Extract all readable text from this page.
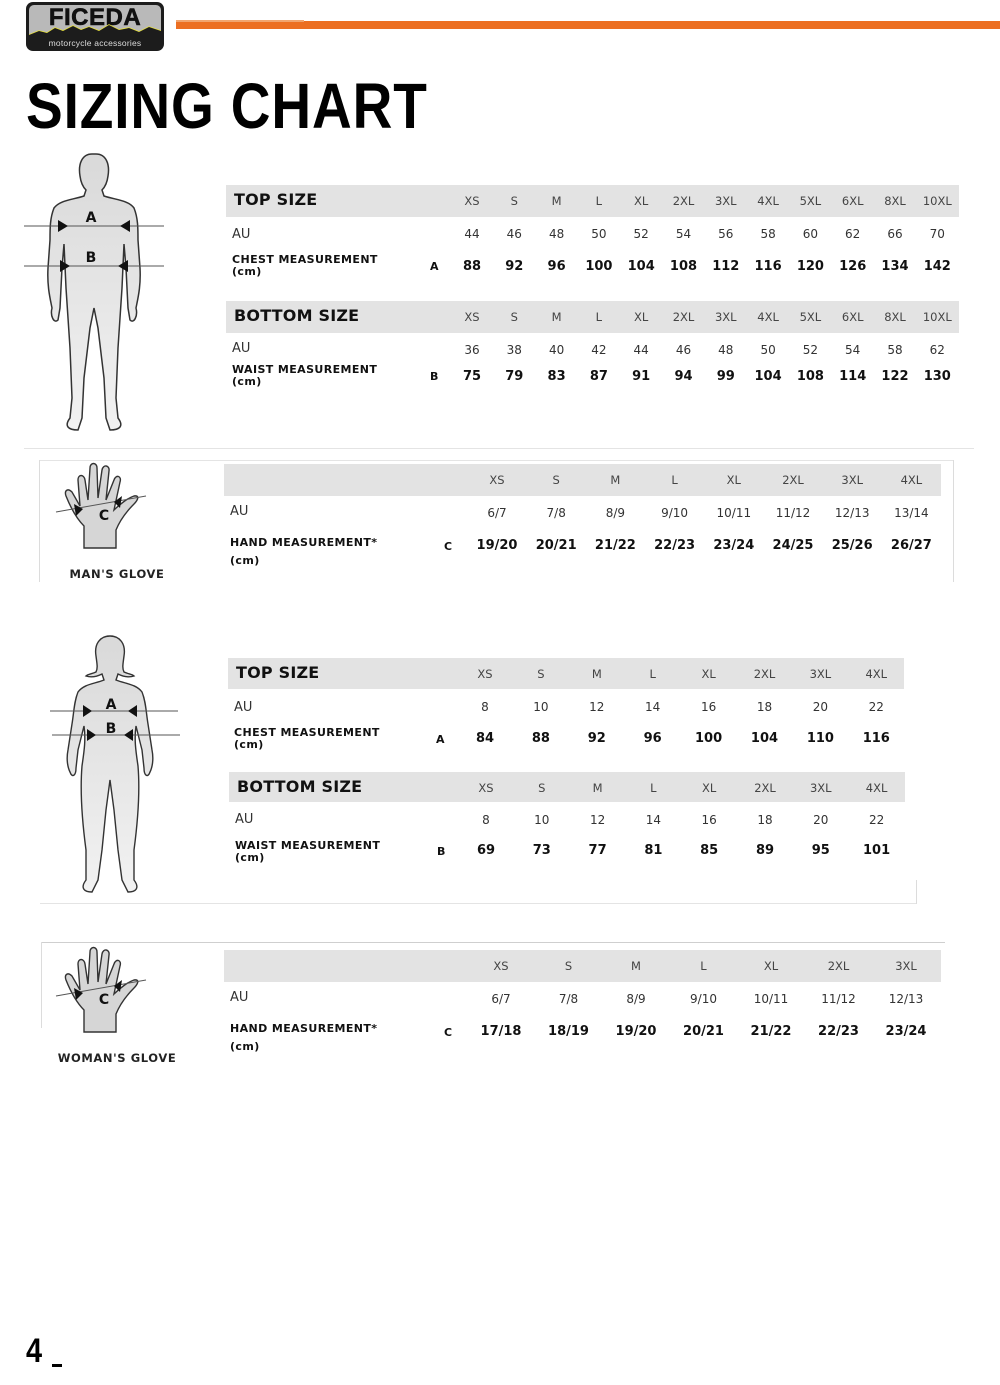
FICEDA
motorcycle accessories
SIZING CHART
A
B
TOP SIZE	XS	S	M	L	XL	2XL	3XL	4XL	5XL	6XL	8XL	10XL
AU
CHEST MEASUREMENT
(cm)	A
44	46	48	50	52	54	56	58	60	62	66	70
88	92	96	100	104	108	112	116	120	126	134	142
BOTTOM SIZE	XS	S	M	L	XL	2XL	3XL	4XL	5XL	6XL	8XL	10XL
AU
WAIST MEASUREMENT
(cm)	B
36	38	40	42	44	46	48	50	52	54	58	62
75	79	83	87	91	94	99	104	108	114	122	130
C
MAN'S GLOVE
XS	S	M	L	XL	2XL	3XL	4XL
AU
HAND MEASUREMENT*
(cm)
C
6/7	7/8	8/9	9/10	10/11	11/12	12/13	13/14
19/20 20/21 21/22 22/23 23/24 24/25 25/26 26/27
A
B
TOP SIZE	XS	S	M	L	XL	2XL	3XL	4XL
AU
CHEST MEASUREMENT
(cm)	A
8	10	12	14	16	18	20	22
84	88	92	96	100	104	110	116
BOTTOM SIZE	XS	S	M	L	XL	2XL	3XL	4XL
AU
WAIST MEASUREMENT
(cm)	B
8	10	12	14	16	18	20	22
69	73	77	81	85	89	95	101
C
WOMAN'S GLOVE
XS	S	M	L	XL	2XL	3XL
AU
HAND MEASUREMENT*
(cm)
C
6/7	7/8	8/9	9/10	10/11	11/12	12/13
17/18 18/19 19/20 20/21 21/22 22/23 23/24
4
